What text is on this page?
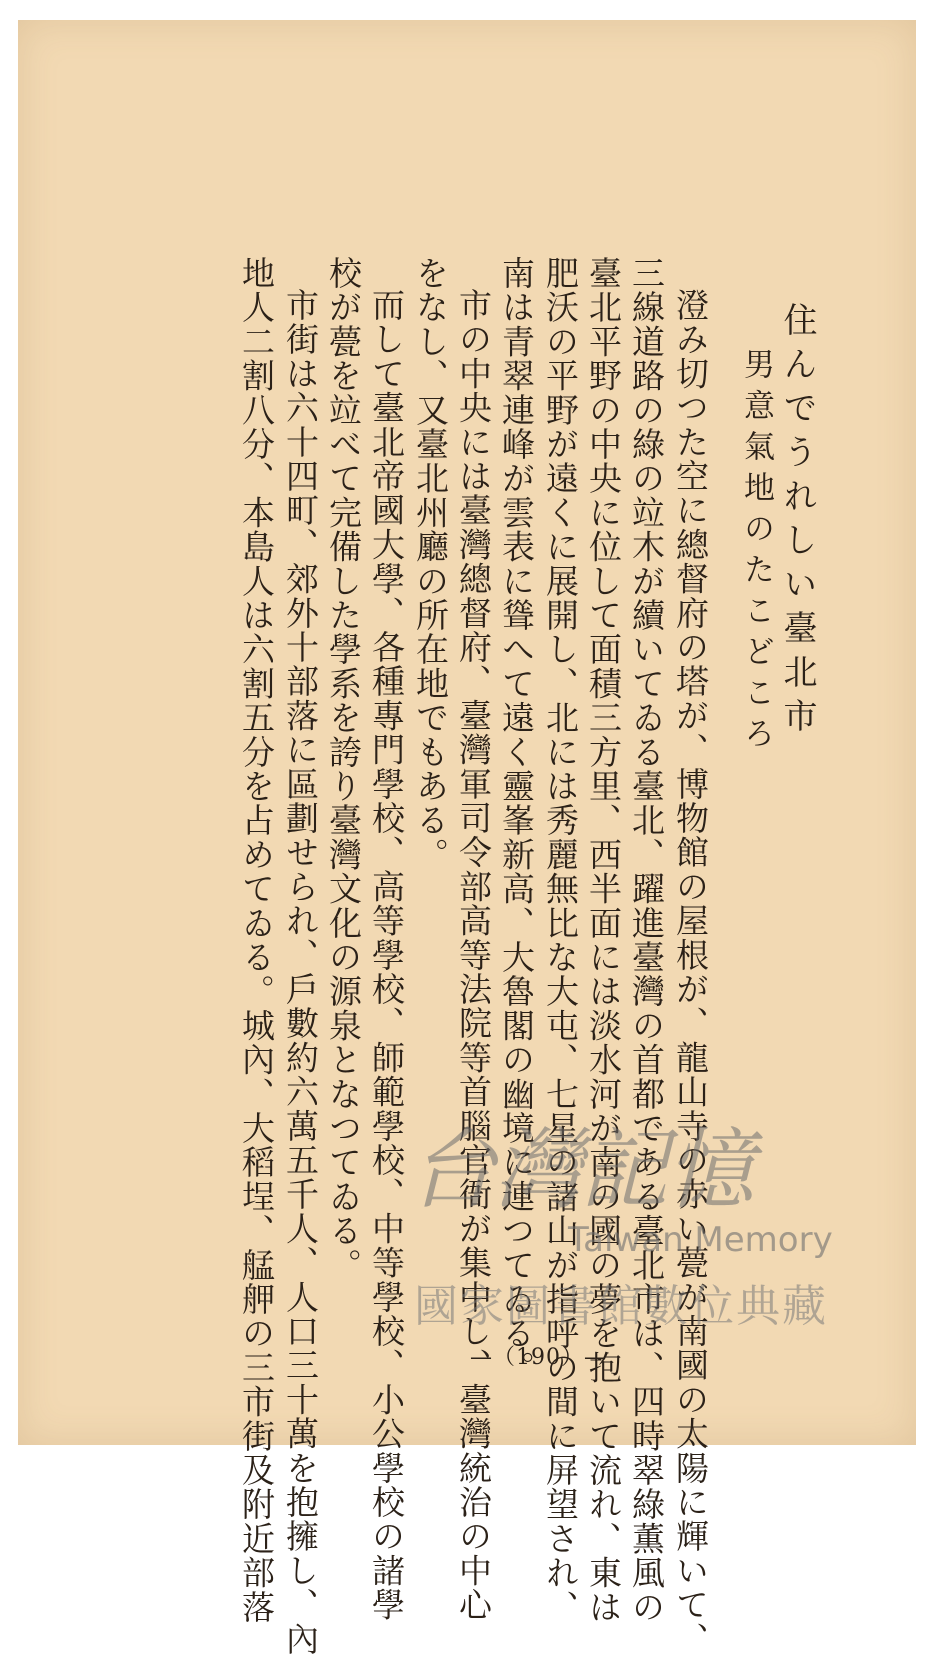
住んでうれしい臺北市
男意氣地のたこどころ
澄み切つた空に總督府の塔が、博物館の屋根が、龍山寺の赤い甍が南國の太陽に輝いて、
三線道路の綠の竝木が續いてゐる臺北、躍進臺灣の首都である臺北市は、四時翠綠薫風の
臺北平野の中央に位して面積三方里、西半面には淡水河が南の國の夢を抱いて流れ、東は
肥沃の平野が遠くに展開し、北には秀麗無比な大屯、七星の諸山が指呼の間に屏望され、
南は青翠連峰が雲表に聳へて遠く靈峯新高、大魯閣の幽境に連つてゐる。
市の中央には臺灣總督府、臺灣軍司令部高等法院等首腦官衙が集中し、臺灣統治の中心
をなし、又臺北州廳の所在地でもある。
而して臺北帝國大學、各種專門學校、高等學校、師範學校、中等學校、小公學校の諸學
校が甍を竝べて完備した學系を誇り臺灣文化の源泉となつてゐる。
市街は六十四町、郊外十部落に區劃せられ、戶數約六萬五千人、人口三十萬を抱擁し、內
地人二割八分、本島人は六割五分を占めてゐる。城內、大稻埕、艋舺の三市街及附近部落	—（190）—
台灣記憶
Taiwan Memory
國家圖書館數位典藏
